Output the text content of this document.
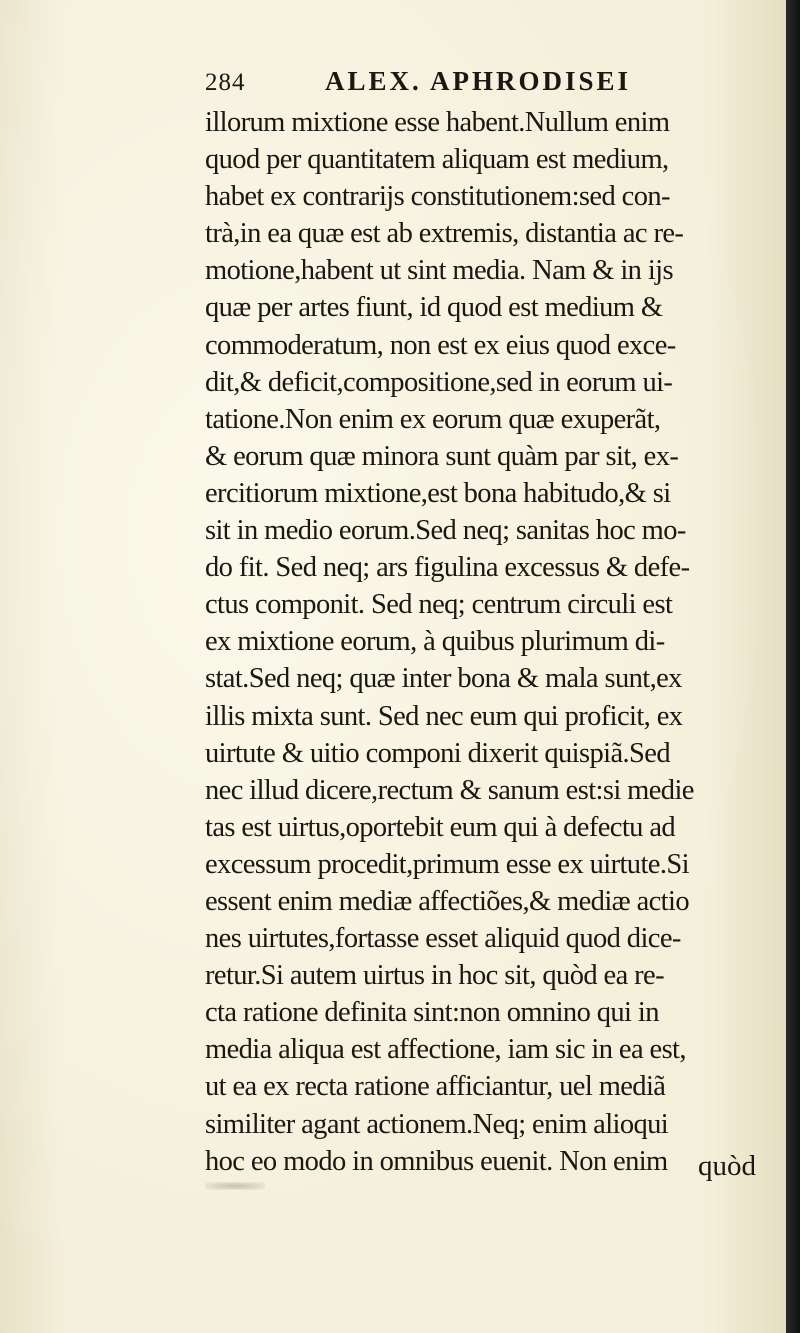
284	ALEX. APHRODISEI
illorum mixtione esse habent.Nullum enim
quod per quantitatem aliquam est medium,
habet ex contrarijs constitutionem:sed con-
trà,in ea quæ est ab extremis, distantia ac re-
motione,habent ut sint media. Nam & in ijs
quæ per artes fiunt, id quod est medium &
commoderatum, non est ex eius quod exce-
dit,& deficit,compositione,sed in eorum ui-
tatione.Non enim ex eorum quæ exuperãt,
& eorum quæ minora sunt quàm par sit, ex-
ercitiorum mixtione,est bona habitudo,& si
sit in medio eorum.Sed neq; sanitas hoc mo-
do fit. Sed neq; ars figulina excessus & defe-
ctus componit. Sed neq; centrum circuli est
ex mixtione eorum, à quibus plurimum di-
stat.Sed neq; quæ inter bona & mala sunt,ex
illis mixta sunt. Sed nec eum qui proficit, ex
uirtute & uitio componi dixerit quispiã.Sed
nec illud dicere,rectum & sanum est:si medie
tas est uirtus,oportebit eum qui à defectu ad
excessum procedit,primum esse ex uirtute.Si
essent enim mediæ affectiões,& mediæ actio
nes uirtutes,fortasse esset aliquid quod dice-
retur.Si autem uirtus in hoc sit, quòd ea re-
cta ratione definita sint:non omnino qui in
media aliqua est affectione, iam sic in ea est,
ut ea ex recta ratione afficiantur, uel mediã
similiter agant actionem.Neq; enim alioqui
hoc eo modo in omnibus euenit. Non enim	quòd
